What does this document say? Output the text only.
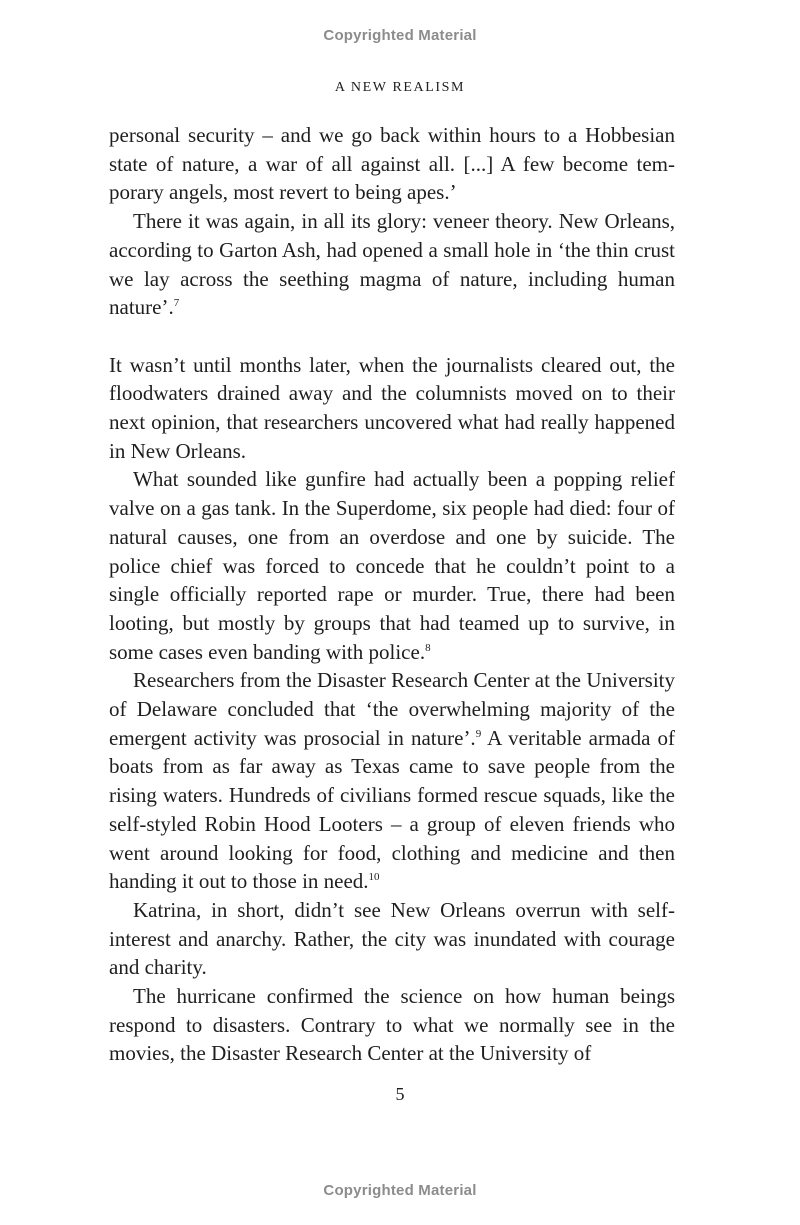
Copyrighted Material
A NEW REALISM

personal security – and we go back within hours to a Hobbesian state of nature, a war of all against all. [...] A few become temporary angels, most revert to being apes.’

There it was again, in all its glory: veneer theory. New Orleans, according to Garton Ash, had opened a small hole in ‘the thin crust we lay across the seething magma of nature, including human nature’.$^7$

It wasn’t until months later, when the journalists cleared out, the floodwaters drained away and the columnists moved on to their next opinion, that researchers uncovered what had really happened in New Orleans.

What sounded like gunfire had actually been a popping relief valve on a gas tank. In the Superdome, six people had died: four of natural causes, one from an overdose and one by suicide. The police chief was forced to concede that he couldn’t point to a single officially reported rape or murder. True, there had been looting, but mostly by groups that had teamed up to survive, in some cases even banding with police.$^8$

Researchers from the Disaster Research Center at the University of Delaware concluded that ‘the overwhelming majority of the emergent activity was prosocial in nature’.$^9$ A veritable armada of boats from as far away as Texas came to save people from the rising waters. Hundreds of civilians formed rescue squads, like the self-styled Robin Hood Looters – a group of eleven friends who went around looking for food, clothing and medicine and then handing it out to those in need.$^{10}$

Katrina, in short, didn’t see New Orleans overrun with self-interest and anarchy. Rather, the city was inundated with courage and charity.

The hurricane confirmed the science on how human beings respond to disasters. Contrary to what we normally see in the movies, the Disaster Research Center at the University of

5
Copyrighted Material
